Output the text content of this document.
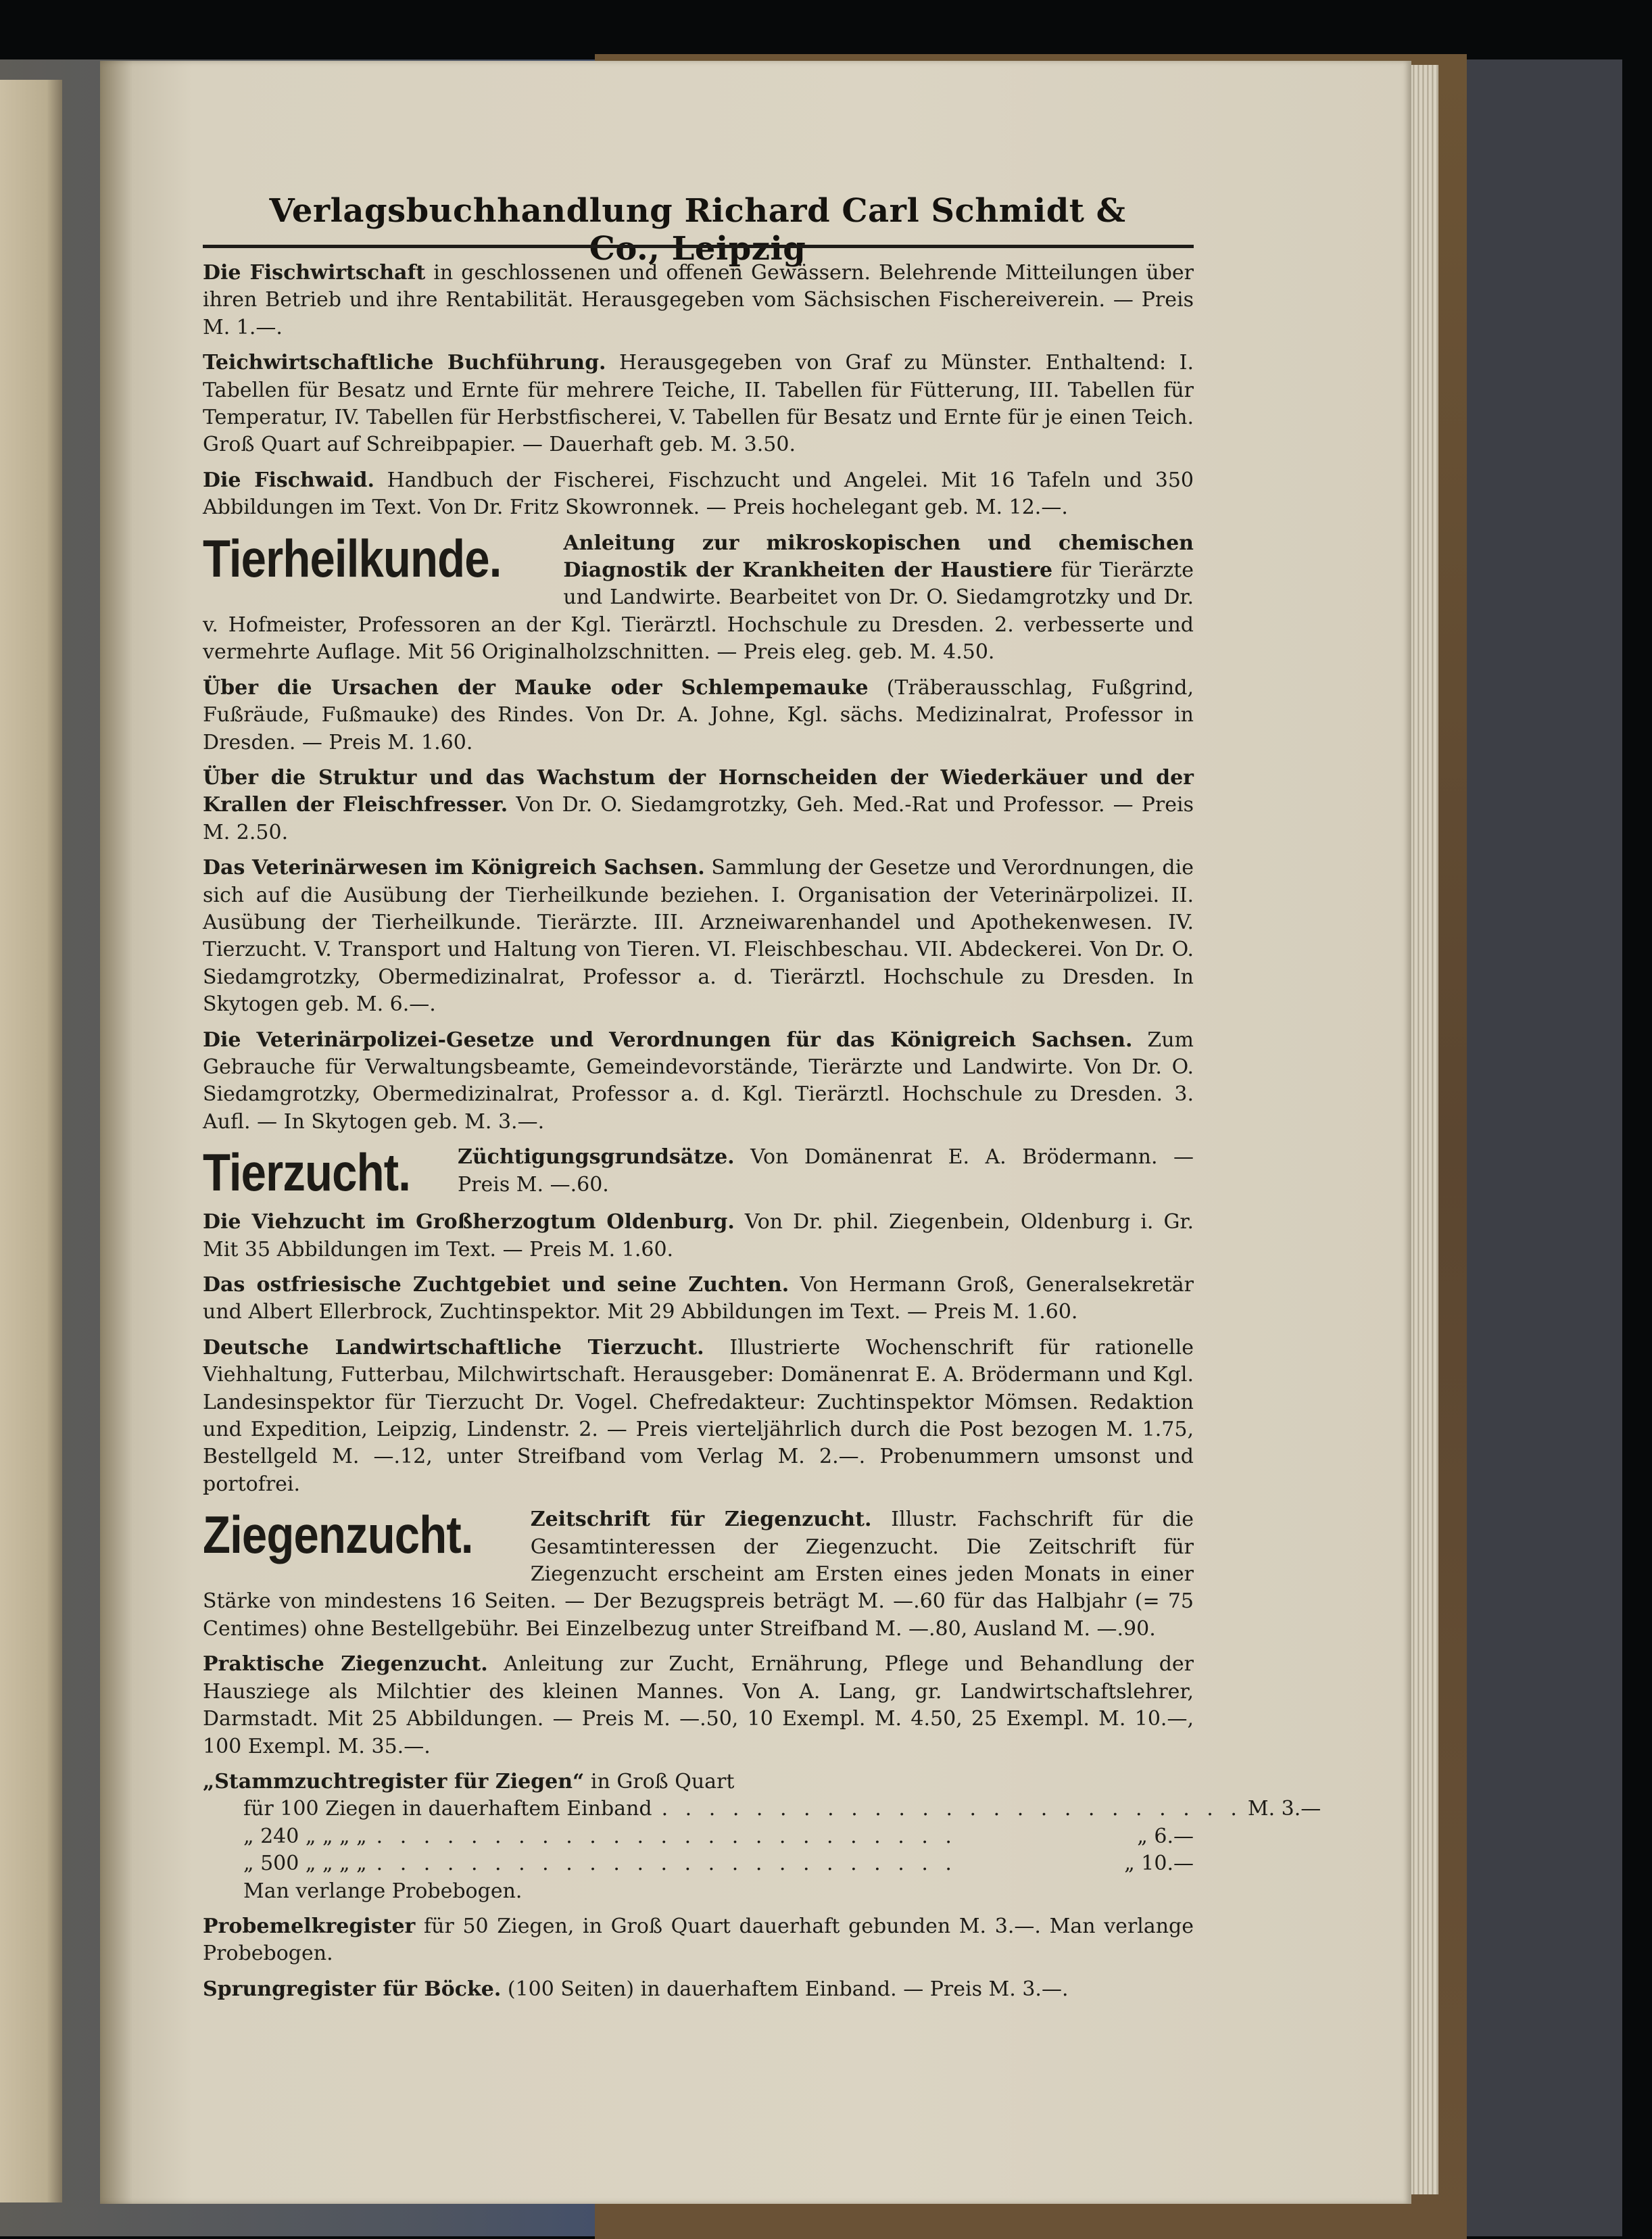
Verlagsbuchhandlung Richard Carl Schmidt & Co., Leipzig
Die Fischwirtschaft in geschlossenen und offenen Gewässern. Belehrende Mitteilungen über ihren Betrieb und ihre Rentabilität. Herausgegeben vom Sächsischen Fischereiverein. — Preis M. 1.—.
Teichwirtschaftliche Buchführung. Herausgegeben von Graf zu Münster. Enthaltend: I. Tabellen für Besatz und Ernte für mehrere Teiche, II. Tabellen für Fütterung, III. Tabellen für Temperatur, IV. Tabellen für Herbstfischerei, V. Tabellen für Besatz und Ernte für je einen Teich. Groß Quart auf Schreibpapier. — Dauerhaft geb. M. 3.50.
Die Fischwaid. Handbuch der Fischerei, Fischzucht und Angelei. Mit 16 Tafeln und 350 Abbildungen im Text. Von Dr. Fritz Skowronnek. — Preis hochelegant geb. M. 12.—.
Tierheilkunde.	Anleitung zur mikroskopischen und chemischen Diagnostik der Krankheiten der Haustiere für Tierärzte und Landwirte. Bearbeitet von Dr. O. Siedamgrotzky und Dr. v. Hofmeister, Professoren an der Kgl. Tierärztl. Hochschule zu Dresden. 2. verbesserte und vermehrte Auflage. Mit 56 Originalholzschnitten. — Preis eleg. geb. M. 4.50.
Über die Ursachen der Mauke oder Schlempemauke (Träberausschlag, Fußgrind, Fußräude, Fußmauke) des Rindes. Von Dr. A. Johne, Kgl. sächs. Medizinalrat, Professor in Dresden. — Preis M. 1.60.
Über die Struktur und das Wachstum der Hornscheiden der Wiederkäuer und der Krallen der Fleischfresser. Von Dr. O. Siedamgrotzky, Geh. Med.-Rat und Professor. — Preis M. 2.50.
Das Veterinärwesen im Königreich Sachsen. Sammlung der Gesetze und Verordnungen, die sich auf die Ausübung der Tierheilkunde beziehen. I. Organisation der Veterinärpolizei. II. Ausübung der Tierheilkunde. Tierärzte. III. Arzneiwarenhandel und Apothekenwesen. IV. Tierzucht. V. Transport und Haltung von Tieren. VI. Fleischbeschau. VII. Abdeckerei. Von Dr. O. Siedamgrotzky, Obermedizinalrat, Professor a. d. Tierärztl. Hochschule zu Dresden. In Skytogen geb. M. 6.—.
Die Veterinärpolizei-Gesetze und Verordnungen für das Königreich Sachsen. Zum Gebrauche für Verwaltungsbeamte, Gemeindevorstände, Tierärzte und Landwirte. Von Dr. O. Siedamgrotzky, Obermedizinalrat, Professor a. d. Kgl. Tierärztl. Hochschule zu Dresden. 3. Aufl. — In Skytogen geb. M. 3.—.
Tierzucht. Züchtigungsgrundsätze. Von Domänenrat E. A. Brödermann. — Preis M. —.60.
Die Viehzucht im Großherzogtum Oldenburg. Von Dr. phil. Ziegenbein, Oldenburg i. Gr. Mit 35 Abbildungen im Text. — Preis M. 1.60.
Das ostfriesische Zuchtgebiet und seine Zuchten. Von Hermann Groß, Generalsekretär und Albert Ellerbrock, Zuchtinspektor. Mit 29 Abbildungen im Text. — Preis M. 1.60.
Deutsche Landwirtschaftliche Tierzucht. Illustrierte Wochenschrift für rationelle Viehhaltung, Futterbau, Milchwirtschaft. Herausgeber: Domänenrat E. A. Brödermann und Kgl. Landesinspektor für Tierzucht Dr. Vogel. Chefredakteur: Zuchtinspektor Mömsen. Redaktion und Expedition, Leipzig, Lindenstr. 2. — Preis vierteljährlich durch die Post bezogen M. 1.75, Bestellgeld M. —.12, unter Streifband vom Verlag M. 2.—. Probenummern umsonst und portofrei.
Ziegenzucht.	Zeitschrift für Ziegenzucht. Illustr. Fachschrift für die Gesamtinteressen der Ziegenzucht. Die Zeitschrift für Ziegenzucht erscheint am Ersten eines jeden Monats in einer Stärke von mindestens 16 Seiten. — Der Bezugspreis beträgt M. —.60 für das Halbjahr (= 75 Centimes) ohne Bestellgebühr. Bei Einzelbezug unter Streifband M. —.80, Ausland M. —.90.
Praktische Ziegenzucht. Anleitung zur Zucht, Ernährung, Pflege und Behandlung der Hausziege als Milchtier des kleinen Mannes. Von A. Lang, gr. Landwirtschaftslehrer, Darmstadt. Mit 25 Abbildungen. — Preis M. —.50, 10 Exempl. M. 4.50, 25 Exempl. M. 10.—, 100 Exempl. M. 35.—.
„Stammzuchtregister für Ziegen“ in Groß Quart
für 100 Ziegen in dauerhaftem Einband . . . . . . . . . . . . . . . . . . . . . . . . . M. 3.—
„ 240 „ „ „ „ . . . . . . . . . . . . . . . . . . . . . . . . .	„ 6.—
„ 500 „ „ „ „ . . . . . . . . . . . . . . . . . . . . . . . . .	„ 10.—
Man verlange Probebogen.
Probemelkregister für 50 Ziegen, in Groß Quart dauerhaft gebunden M. 3.—. Man verlange Probebogen.
Sprungregister für Böcke. (100 Seiten) in dauerhaftem Einband. — Preis M. 3.—.
